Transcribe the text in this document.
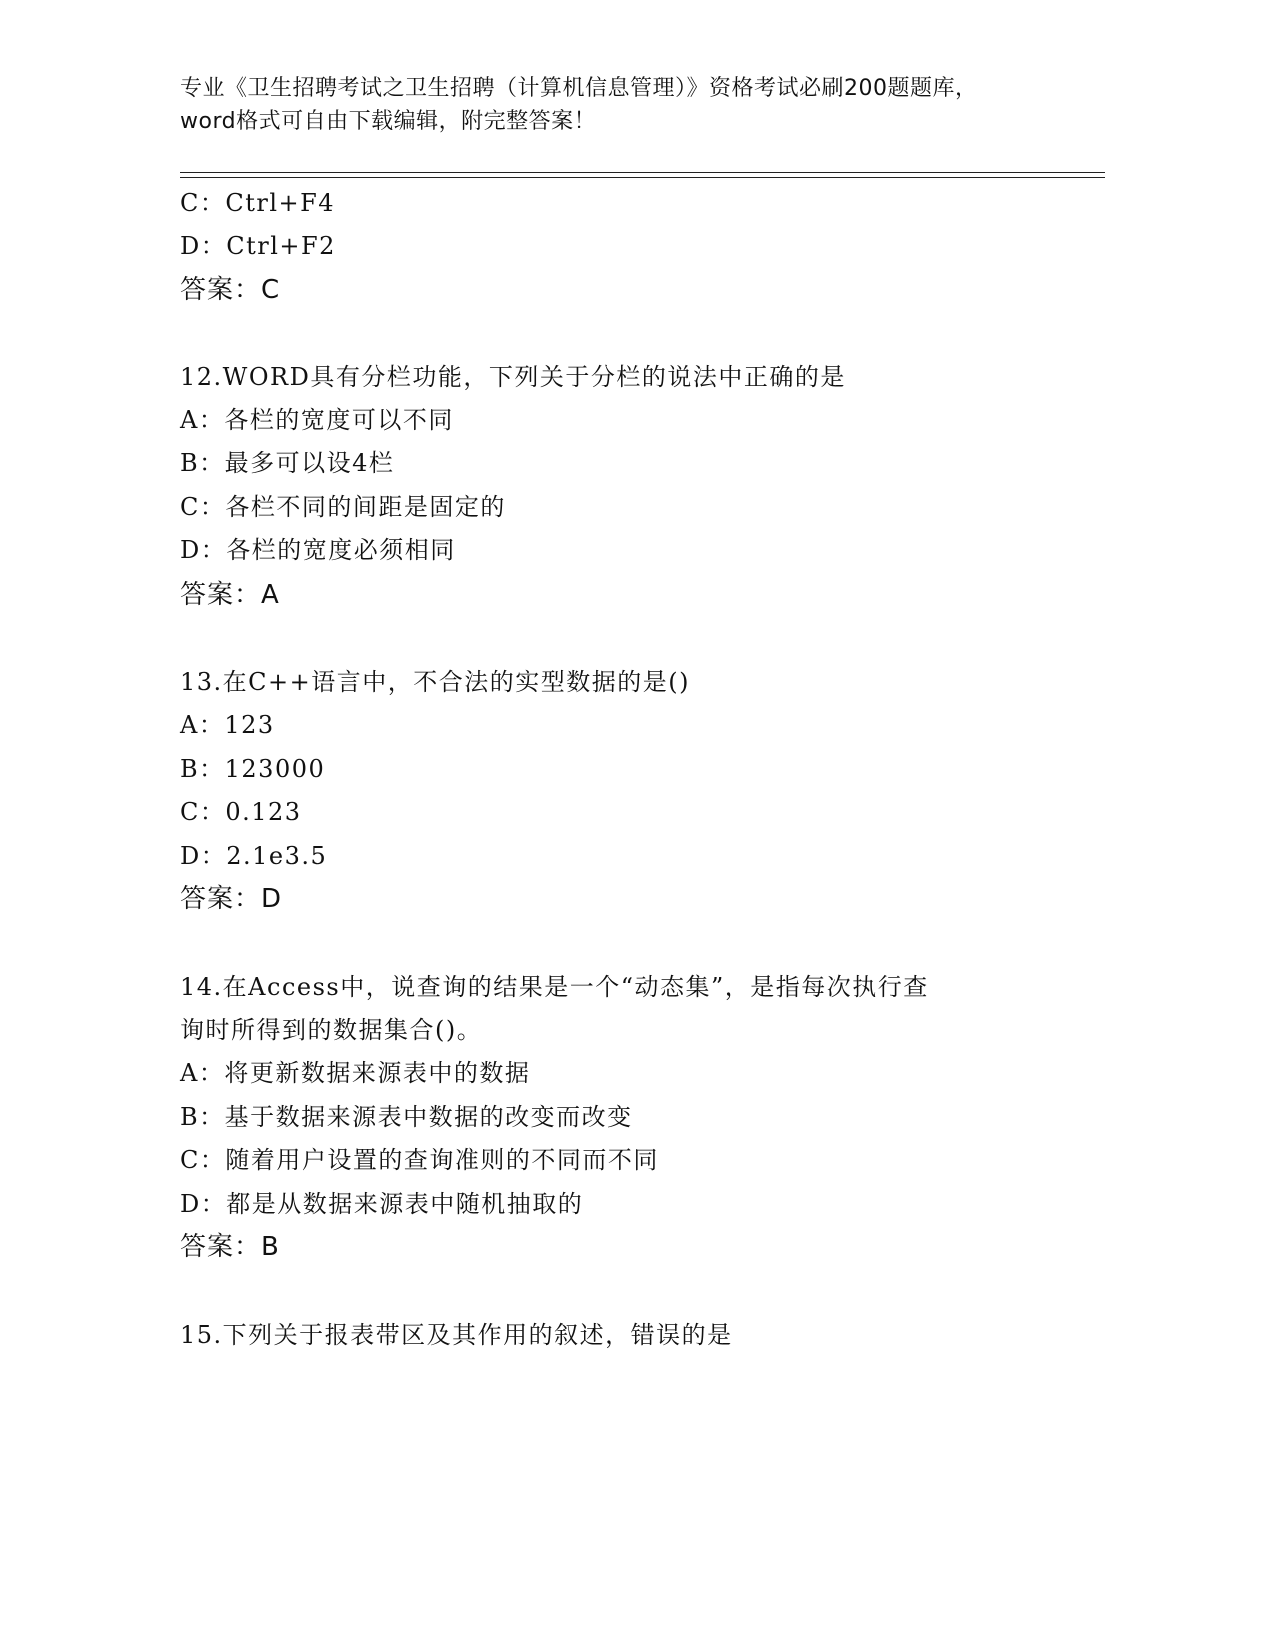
专业《卫生招聘考试之卫生招聘（计算机信息管理）》资格考试必刷200题题库，
word格式可自由下载编辑，附完整答案！
C：Ctrl+F4
D：Ctrl+F2
答案：C
12.WORD具有分栏功能，下列关于分栏的说法中正确的是
A：各栏的宽度可以不同
B：最多可以设4栏
C：各栏不同的间距是固定的
D：各栏的宽度必须相同
答案：A
13.在C++语言中，不合法的实型数据的是()
A：123
B：123000
C：0.123
D：2.1e3.5
答案：D
14.在Access中，说查询的结果是一个“动态集”，是指每次执行查
询时所得到的数据集合()。
A：将更新数据来源表中的数据
B：基于数据来源表中数据的改变而改变
C：随着用户设置的查询准则的不同而不同
D：都是从数据来源表中随机抽取的
答案：B
15.下列关于报表带区及其作用的叙述，错误的是
